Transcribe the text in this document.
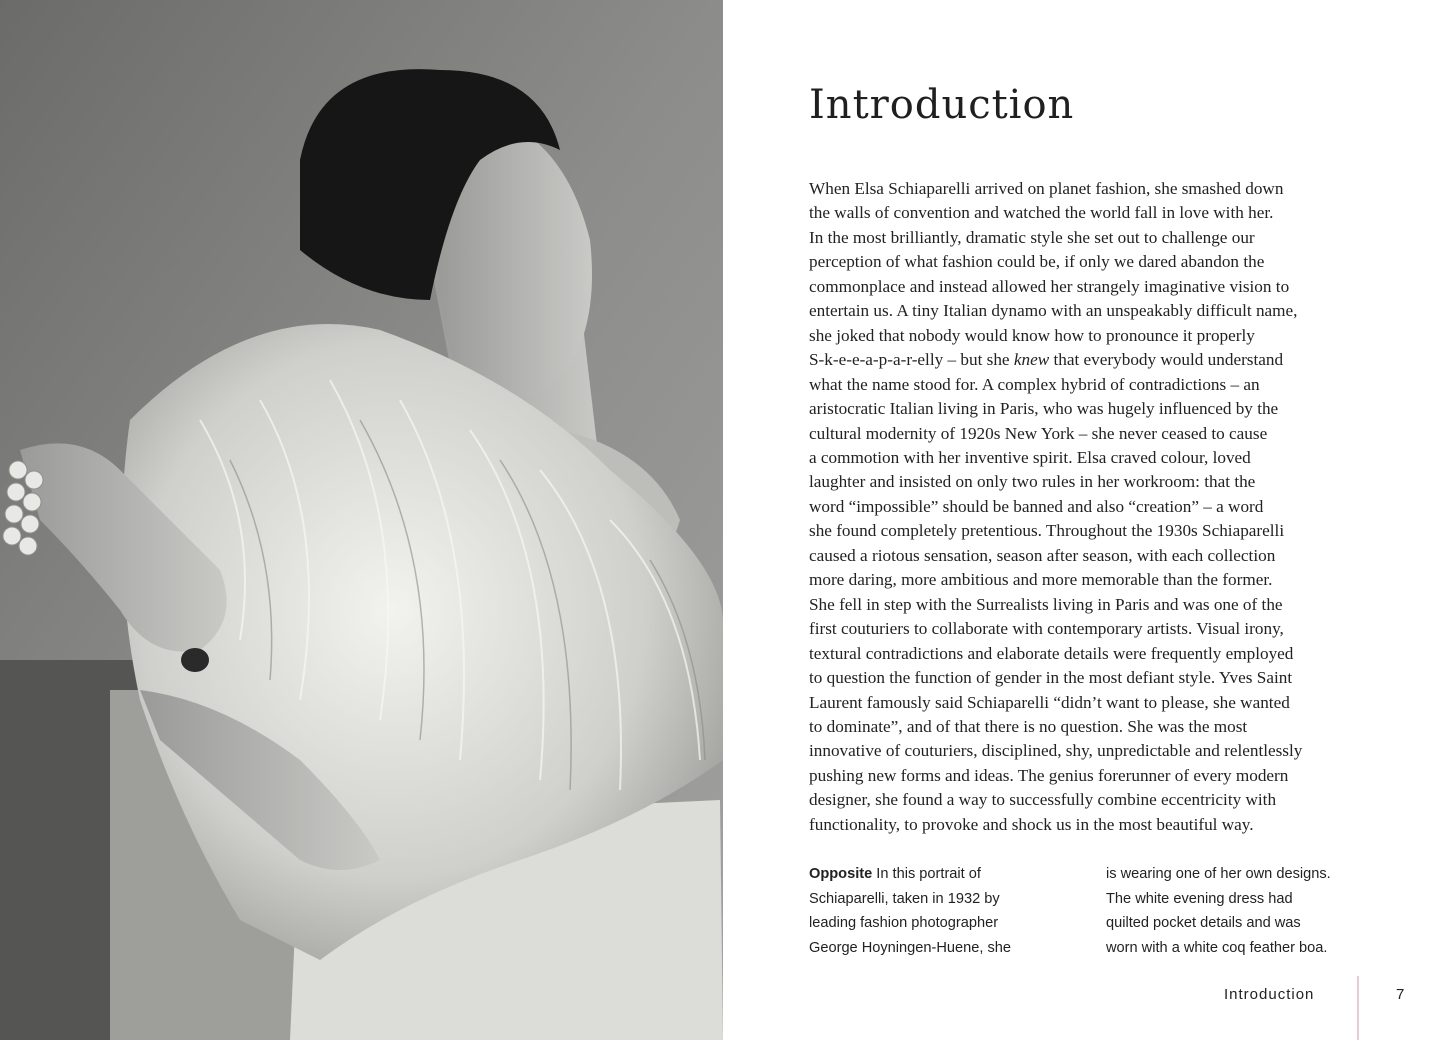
Introduction

When Elsa Schiaparelli arrived on planet fashion, she smashed down
the walls of convention and watched the world fall in love with her.
In the most brilliantly, dramatic style she set out to challenge our
perception of what fashion could be, if only we dared abandon the
commonplace and instead allowed her strangely imaginative vision to
entertain us. A tiny Italian dynamo with an unspeakably difficult name,
she joked that nobody would know how to pronounce it properly
S-k-e-e-a-p-a-r-elly – but she knew that everybody would understand
what the name stood for. A complex hybrid of contradictions – an
aristocratic Italian living in Paris, who was hugely influenced by the
cultural modernity of 1920s New York – she never ceased to cause
a commotion with her inventive spirit. Elsa craved colour, loved
laughter and insisted on only two rules in her workroom: that the
word “impossible” should be banned and also “creation” – a word
she found completely pretentious. Throughout the 1930s Schiaparelli
caused a riotous sensation, season after season, with each collection
more daring, more ambitious and more memorable than the former.
She fell in step with the Surrealists living in Paris and was one of the
first couturiers to collaborate with contemporary artists. Visual irony,
textural contradictions and elaborate details were frequently employed
to question the function of gender in the most defiant style. Yves Saint
Laurent famously said Schiaparelli “didn’t want to please, she wanted
to dominate”, and of that there is no question. She was the most
innovative of couturiers, disciplined, shy, unpredictable and relentlessly
pushing new forms and ideas. The genius forerunner of every modern
designer, she found a way to successfully combine eccentricity with
functionality, to provoke and shock us in the most beautiful way.

Opposite In this portrait of
Schiaparelli, taken in 1932 by
leading fashion photographer
George Hoyningen-Huene, she

is wearing one of her own designs.
The white evening dress had
quilted pocket details and was
worn with a white coq feather boa.

Introduction	7
